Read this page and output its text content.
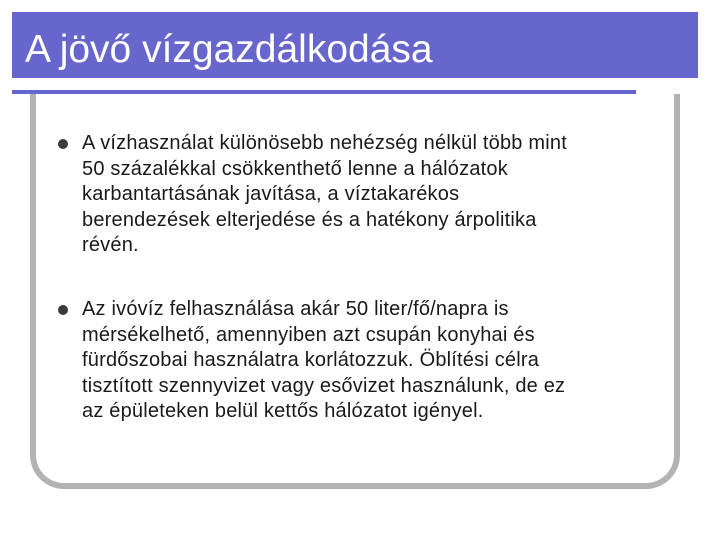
A jövő vízgazdálkodása

A vízhasználat különösebb nehézség nélkül több mint
50 százalékkal csökkenthető lenne a hálózatok
karbantartásának javítása, a víztakarékos
berendezések elterjedése és a hatékony árpolitika
révén.

Az ivóvíz felhasználása akár 50 liter/fő/napra is
mérsékelhető, amennyiben azt csupán konyhai és
fürdőszobai használatra korlátozzuk. Öblítési célra
tisztított szennyvizet vagy esővizet használunk, de ez
az épületeken belül kettős hálózatot igényel.
